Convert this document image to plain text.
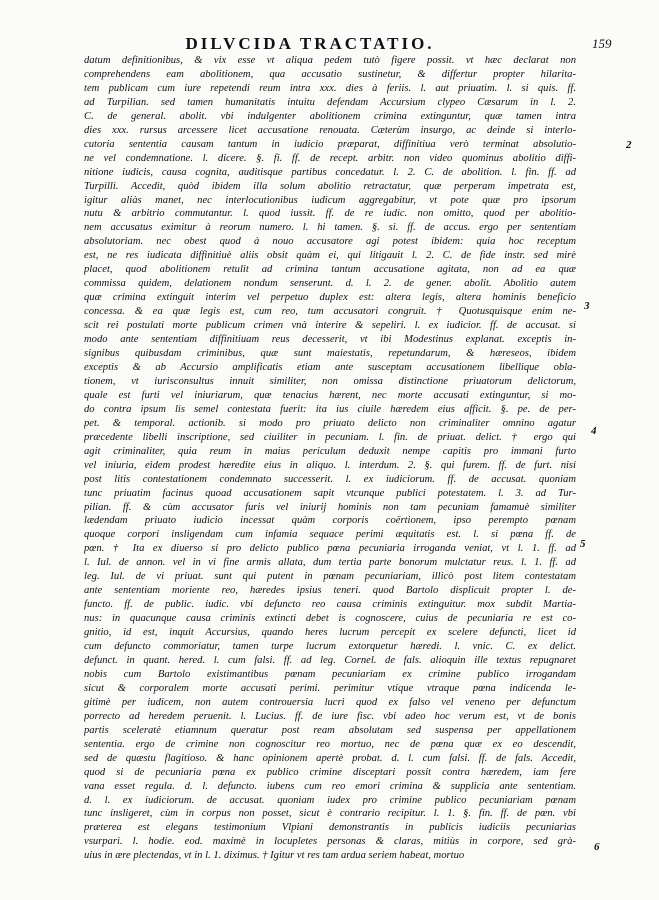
DILVCIDA TRACTATIO.	159
datum definitionibus, & vix esse vt aliqua pedem tutò figere possit. vt hæc declarat non
comprehendens eam abolitionem, qua accusatio sustinetur, & differtur propter hilarita-
tem publicam cum iure repetendi reum intra xxx. dies à feriis. l. aut priuatim. l. si quis. ff.
ad Turpilian. sed tamen humanitatis intuitu defendam Accursium clypeo Cæsarum in l. 2.
C. de general. abolit. vbi indulgenter abolitionem crimina extinguntur, quæ tamen intra
dies xxx. rursus arcessere licet accusatione renouata. Cæterùm insurgo, ac deinde si interlo-
cutoria sententia causam tantum in iudicio præparat, diffinitiua verò terminat absolutio-
ne vel condemnatione. l. dicere. §. fi. ff. de recept. arbitr. non video quominus abolitio diffi-
nitione iudicis, causa cognita, auditisque partibus concedatur. l. 2. C. de abolition. l. fin. ff. ad
Turpilli. Accedit, quòd ibidem illa solum abolitio retractatur, quæ perperam impetrata est,
igitur aliàs manet, nec interlocutionibus iudicum aggregabitur, vt pote quæ pro ipsorum
nutu & arbitrio commutantur. l. quod iussit. ff. de re iudic. non omitto, quod per abolitio-
nem accusatus eximitur à reorum numero. l. hi tamen. §. si. ff. de accus. ergo per sententiam
absolutoriam. nec obest quod à nouo accusatore agi potest ibidem: quia hoc receptum
est, ne res iudicata diffinitiuè aliis obsit quàm ei, qui litigauit l. 2. C. de fide instr. sed mirè
placet, quod abolitionem retulit ad crimina tantum accusatione agitata, non ad ea quæ
commissa quidem, delationem nondum senserunt. d. l. 2. de gener. abolit. Abolitio autem
quæ crimina extinguit interim vel perpetuo duplex est: altera legis, altera hominis beneficio
concessa. & ea quæ legis est, cum reo, tum accusatori congruit. † Quotusquisque enim ne-
scit rei postulati morte publicum crimen vnà interire & sepeliri. l. ex iudicior. ff. de accusat. si
modo ante sententiam diffinitiuam reus decesserit, vt ibi Modestinus explanat. exceptis in-
signibus quibusdam criminibus, quæ sunt maiestatis, repetundarum, & hæreseos, ibidem
exceptis & ab Accursio amplificatis etiam ante susceptam accusationem libellique obla-
tionem, vt iurisconsultus innuit similiter, non omissa distinctione priuatorum delictorum,
quale est furti vel iniuriarum, quæ tenacius hærent, nec morte accusati extinguntur, si mo-
do contra ipsum lis semel contestata fuerit: ita ius ciuile hæredem eius afficit. §. pe. de per-
pet. & temporal. actionib. si modo pro priuato delicto non criminaliter omnino agatur
præcedente libelli inscriptione, sed ciuiliter in pecuniam. l. fin. de priuat. delict. † ergo qui
agit criminaliter, quia reum in maius periculum deduxit nempe capitis pro immani furto
vel iniuria, eidem prodest hæredite eius in aliquo. l. interdum. 2. §. qui furem. ff. de furt. nisi
post litis contestationem condemnato successerit. l. ex iudiciorum. ff. de accusat. quoniam
tunc priuatim facinus quoad accusationem sapit vtcunque publici potestatem. l. 3. ad Tur-
pilian. ff. & cùm accusator furis vel iniurij hominis non tam pecuniam famamuè similiter
lædendam priuato iudicio incessat quàm corporis coërtionem, ipso perempto pœnam
quoque corpori insligendam cum infamia sequace perimi æquitatis est. l. si pœna ff. de
pœn. † Ita ex diuerso si pro delicto publico pœna pecuniaria irroganda veniat, vt l. 1. ff. ad
l. Iul. de annon. vel in vi fine armis allata, dum tertia parte bonorum mulctatur reus. l. 1. ff. ad
leg. Iul. de vi priuat. sunt qui putent in pœnam pecuniariam, illicò post litem contestatam
ante sententiam moriente reo, hæredes ipsius teneri. quod Bartolo displicuit propter l. de-
functo. ff. de public. iudic. vbi defuncto reo causa criminis extinguitur. mox subdit Martia-
nus: in quacunque causa criminis extincti debet is cognoscere, cuius de pecuniaria re est co-
gnitio, id est, inquit Accursius, quando heres lucrum percepit ex scelere defuncti, licet id
cum defuncto commoriatur, tamen turpe lucrum extorquetur hæredi. l. vnic. C. ex delict.
defunct. in quant. hered. l. cum falsi. ff. ad leg. Cornel. de fals. alioquin ille textus repugnaret
nobis cum Bartolo existimantibus pœnam pecuniariam ex crimine publico irrogandam
sicut & corporalem morte accusati perimi. perimitur vtique vtraque pœna indicenda le-
gitimè per iudicem, non autem controuersia lucri quod ex falso vel veneno per defunctum
porrecto ad heredem peruenit. l. Lucius. ff. de iure fisc. vbi adeo hoc verum est, vt de bonis
partis sceleratè etiamnum queratur post ream absolutam sed suspensa per appellationem
sententia. ergo de crimine non cognoscitur reo mortuo, nec de pœna quæ ex eo descendit,
sed de quæstu flagitioso. & hanc opinionem apertè probat. d. l. cum falsi. ff. de fals. Accedit,
quod si de pecuniaria pœna ex publico crimine disceptari possit contra hæredem, iam fere
vana esset regula. d. l. defuncto. iubens cum reo emori crimina & supplicia ante sententiam.
d. l. ex iudiciorum. de accusat. quoniam iudex pro crimine publico pecuniariam pœnam
tunc insligeret, cùm in corpus non posset, sicut è contrario recipitur. l. 1. §. fin. ff. de pœn. vbi
præterea est elegans testimonium Vlpiani demonstrantis in publicis iudiciis pecuniarias
vsurpari. l. hodie. eod. maximè in locupletes personas & claras, mitiùs in corpore, sed grà-
uius in ære plectendas, vt in l. 1. diximus. † Igitur vt res tam ardua seriem habeat, mortuo
2
3
4
5
6
